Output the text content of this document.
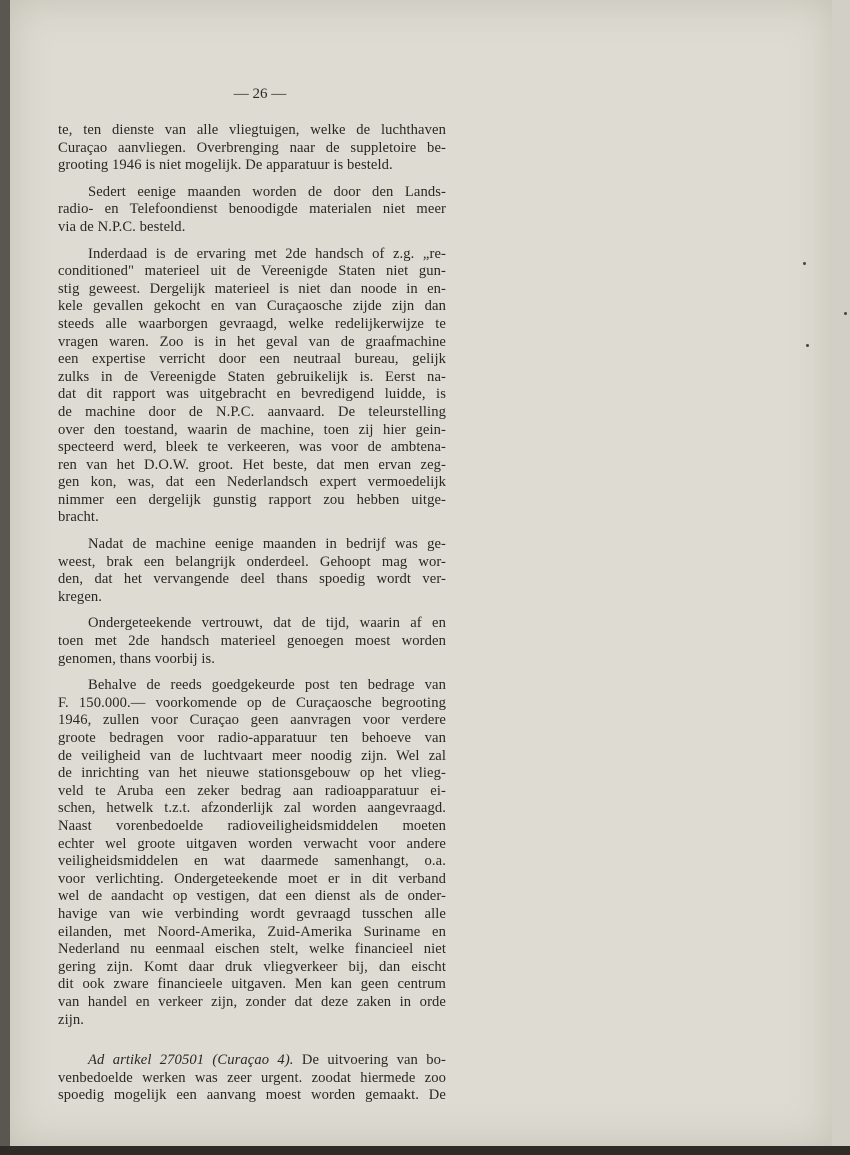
— 26 —
te, ten dienste van alle vliegtuigen, welke de luchthaven
Curaçao aanvliegen. Overbrenging naar de suppletoire be-
grooting 1946 is niet mogelijk. De apparatuur is besteld.
Sedert eenige maanden worden de door den Lands-
radio- en Telefoondienst benoodigde materialen niet meer
via de N.P.C. besteld.
Inderdaad is de ervaring met 2de handsch of z.g. „re-
conditioned" materieel uit de Vereenigde Staten niet gun-
stig geweest. Dergelijk materieel is niet dan noode in en-
kele gevallen gekocht en van Curaçaosche zijde zijn dan
steeds alle waarborgen gevraagd, welke redelijkerwijze te
vragen waren. Zoo is in het geval van de graafmachine
een expertise verricht door een neutraal bureau, gelijk
zulks in de Vereenigde Staten gebruikelijk is. Eerst na-
dat dit rapport was uitgebracht en bevredigend luidde, is
de machine door de N.P.C. aanvaard. De teleurstelling
over den toestand, waarin de machine, toen zij hier gein-
specteerd werd, bleek te verkeeren, was voor de ambtena-
ren van het D.O.W. groot. Het beste, dat men ervan zeg-
gen kon, was, dat een Nederlandsch expert vermoedelijk
nimmer een dergelijk gunstig rapport zou hebben uitge-
bracht.
Nadat de machine eenige maanden in bedrijf was ge-
weest, brak een belangrijk onderdeel. Gehoopt mag wor-
den, dat het vervangende deel thans spoedig wordt ver-
kregen.
Ondergeteekende vertrouwt, dat de tijd, waarin af en
toen met 2de handsch materieel genoegen moest worden
genomen, thans voorbij is.
Behalve de reeds goedgekeurde post ten bedrage van
F. 150.000.— voorkomende op de Curaçaosche begrooting
1946, zullen voor Curaçao geen aanvragen voor verdere
groote bedragen voor radio-apparatuur ten behoeve van
de veiligheid van de luchtvaart meer noodig zijn. Wel zal
de inrichting van het nieuwe stationsgebouw op het vlieg-
veld te Aruba een zeker bedrag aan radioapparatuur ei-
schen, hetwelk t.z.t. afzonderlijk zal worden aangevraagd.
Naast vorenbedoelde radioveiligheidsmiddelen moeten
echter wel groote uitgaven worden verwacht voor andere
veiligheidsmiddelen en wat daarmede samenhangt, o.a.
voor verlichting. Ondergeteekende moet er in dit verband
wel de aandacht op vestigen, dat een dienst als de onder-
havige van wie verbinding wordt gevraagd tusschen alle
eilanden, met Noord-Amerika, Zuid-Amerika Suriname en
Nederland nu eenmaal eischen stelt, welke financieel niet
gering zijn. Komt daar druk vliegverkeer bij, dan eischt
dit ook zware financieele uitgaven. Men kan geen centrum
van handel en verkeer zijn, zonder dat deze zaken in orde
zijn.
Ad artikel 270501 (Curaçao 4). De uitvoering van bo-
venbedoelde werken was zeer urgent. zoodat hiermede zoo
spoedig mogelijk een aanvang moest worden gemaakt. De
